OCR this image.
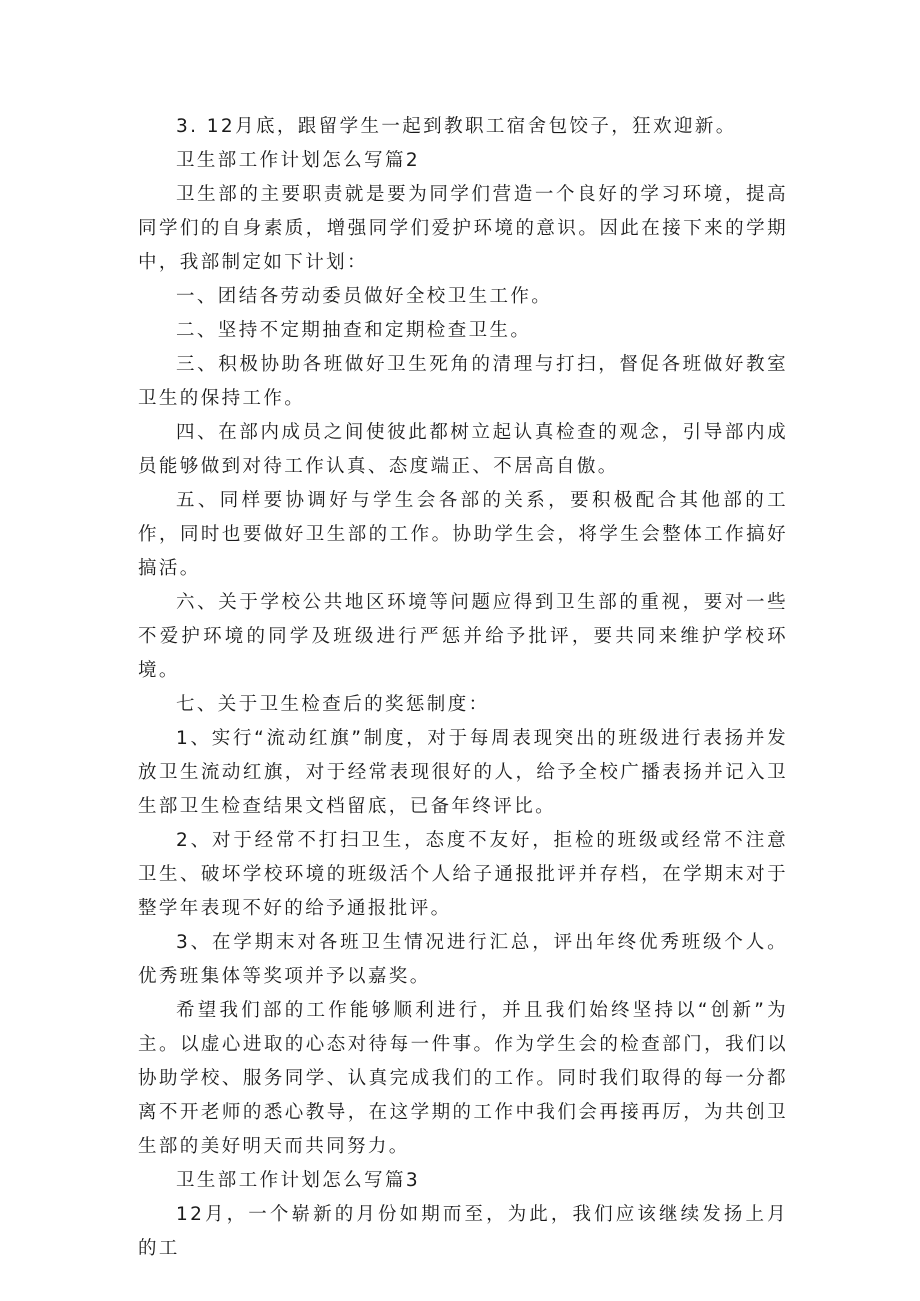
3. 12月底，跟留学生一起到教职工宿舍包饺子，狂欢迎新。

卫生部工作计划怎么写篇2

卫生部的主要职责就是要为同学们营造一个良好的学习环境，提高同学们的自身素质，增强同学们爱护环境的意识。因此在接下来的学期中，我部制定如下计划：

一、团结各劳动委员做好全校卫生工作。

二、坚持不定期抽查和定期检查卫生。

三、积极协助各班做好卫生死角的清理与打扫，督促各班做好教室卫生的保持工作。

四、在部内成员之间使彼此都树立起认真检查的观念，引导部内成员能够做到对待工作认真、态度端正、不居高自傲。

五、同样要协调好与学生会各部的关系，要积极配合其他部的工作，同时也要做好卫生部的工作。协助学生会，将学生会整体工作搞好搞活。

六、关于学校公共地区环境等问题应得到卫生部的重视，要对一些不爱护环境的同学及班级进行严惩并给予批评，要共同来维护学校环境。

七、关于卫生检查后的奖惩制度：

1、实行“流动红旗”制度，对于每周表现突出的班级进行表扬并发放卫生流动红旗，对于经常表现很好的人，给予全校广播表扬并记入卫生部卫生检查结果文档留底，已备年终评比。

2、对于经常不打扫卫生，态度不友好，拒检的班级或经常不注意卫生、破坏学校环境的班级活个人给子通报批评并存档，在学期末对于整学年表现不好的给予通报批评。

3、在学期末对各班卫生情况进行汇总，评出年终优秀班级个人。优秀班集体等奖项并予以嘉奖。

希望我们部的工作能够顺利进行，并且我们始终坚持以“创新”为主。以虚心进取的心态对待每一件事。作为学生会的检查部门，我们以协助学校、服务同学、认真完成我们的工作。同时我们取得的每一分都离不开老师的悉心教导，在这学期的工作中我们会再接再厉，为共创卫生部的美好明天而共同努力。

卫生部工作计划怎么写篇3

12月，一个崭新的月份如期而至，为此，我们应该继续发扬上月的工
